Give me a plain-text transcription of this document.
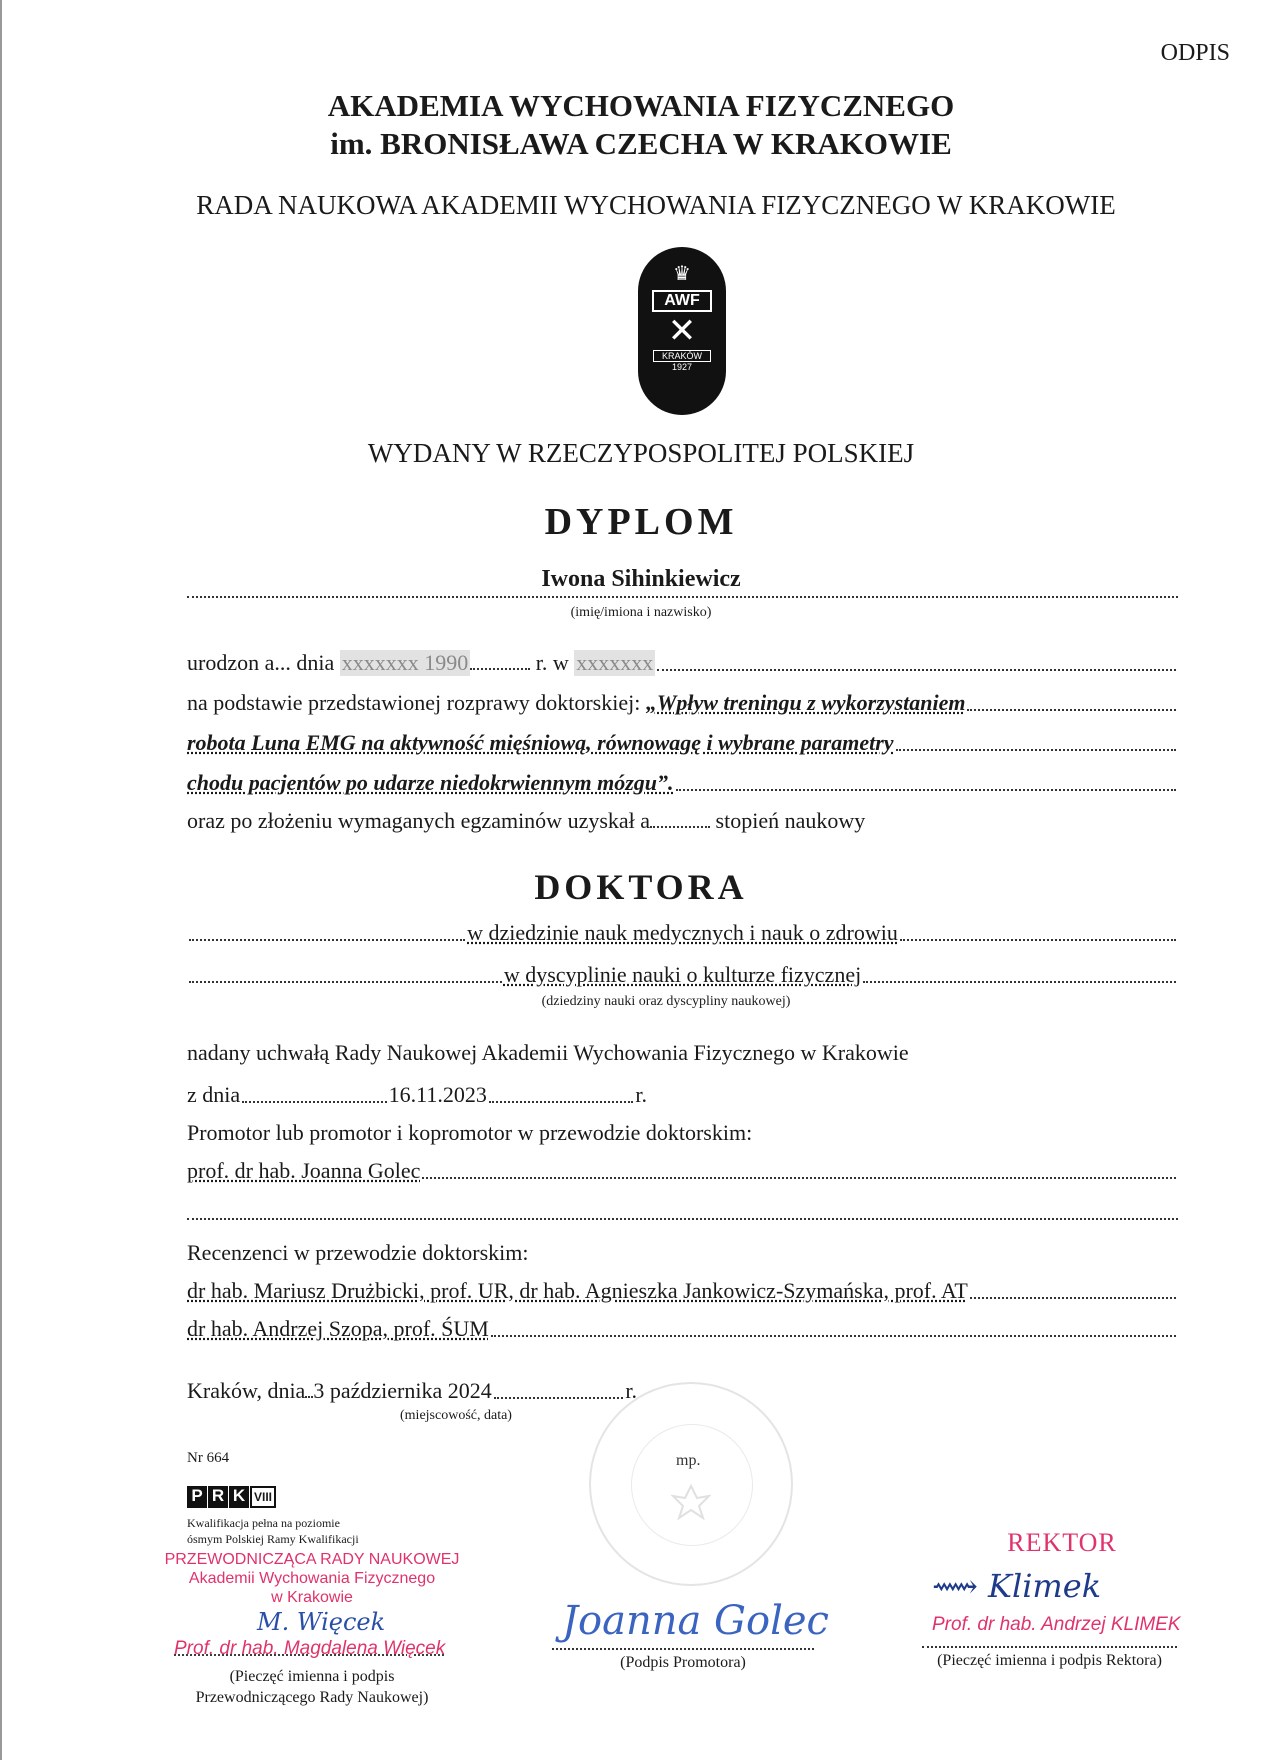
ODPIS
AKADEMIA WYCHOWANIA FIZYCZNEGO
im. BRONISŁAWA CZECHA W KRAKOWIE
RADA NAUKOWA AKADEMII WYCHOWANIA FIZYCZNEGO W KRAKOWIE
♛
AWF
✕
KRAKÓW
1927
WYDANY W RZECZYPOSPOLITEJ POLSKIEJ
DYPLOM
Iwona Sihinkiewicz
(imię/imiona i nazwisko)
urodzon a... dnia
xxxxxxx 1990
	r. w
xxxxxxx
na podstawie przedstawionej rozprawy doktorskiej:
„Wpływ treningu z wykorzystaniem
robota Luna EMG na aktywność mięśniową, równowagę i wybrane parametry
chodu pacjentów po udarze niedokrwiennym mózgu”.
oraz po złożeniu wymaganych egzaminów uzyskał a
	stopień naukowy
DOKTORA
w dziedzinie nauk medycznych i nauk o zdrowiu
w dyscyplinie nauki o kulturze fizycznej
(dziedziny nauki oraz dyscypliny naukowej)
nadany uchwałą Rady Naukowej Akademii Wychowania Fizycznego w Krakowie
z dnia	16.11.2023	r.
Promotor lub promotor i kopromotor w przewodzie doktorskim:
prof. dr hab. Joanna Golec
Recenzenci w przewodzie doktorskim:
dr hab. Mariusz Drużbicki, prof. UR, dr hab. Agnieszka Jankowicz-Szymańska, prof. AT
dr hab. Andrzej Szopa, prof. ŚUM
Kraków, dnia 3 października 2024	r.
(miejscowość, data)
mp.
Nr 664
P R K VIII
Kwalifikacja pełna na poziomie
ósmym Polskiej Ramy Kwalifikacji
PRZEWODNICZĄCA RADY NAUKOWEJ
Akademii Wychowania Fizycznego
w Krakowie
M. Więcek
Prof. dr hab. Magdalena Więcek
(Pieczęć imienna i podpis
Przewodniczącego Rady Naukowej)
Joanna Golec
(Podpis Promotora)
REKTOR
⟿ Klimek
Prof. dr hab. Andrzej KLIMEK
(Pieczęć imienna i podpis Rektora)
